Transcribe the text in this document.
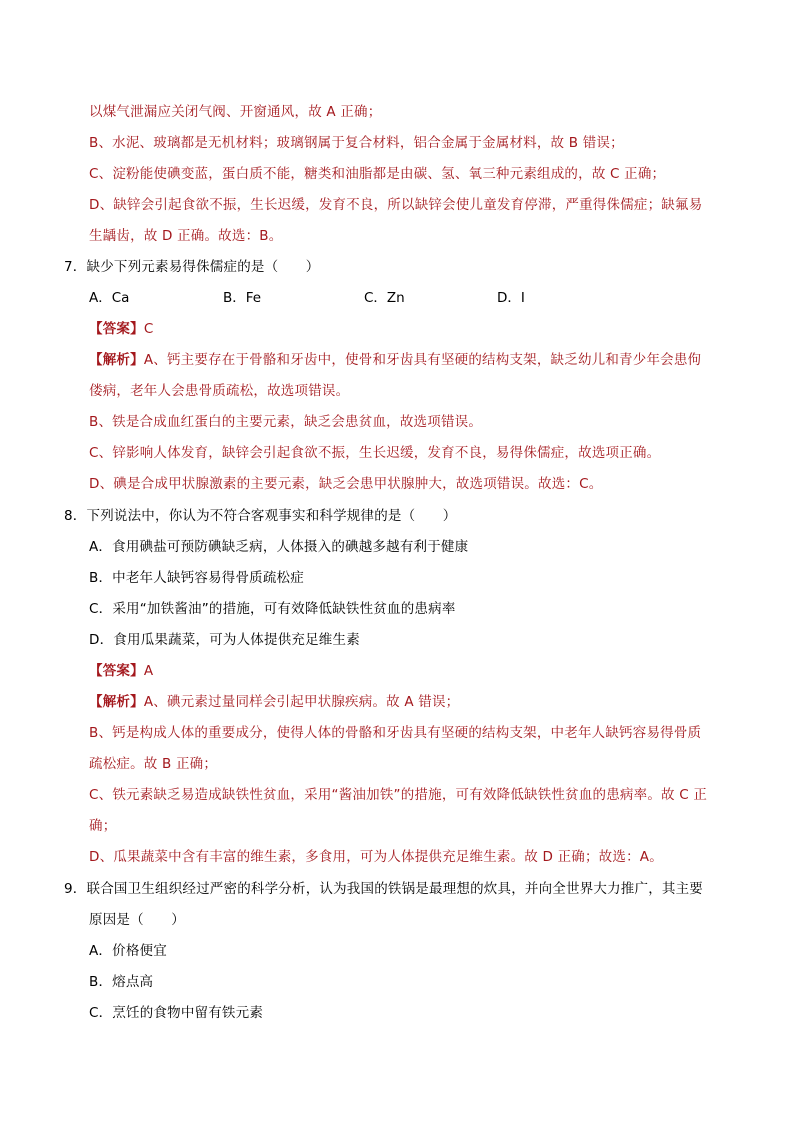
以煤气泄漏应关闭气阀、开窗通风，故 A 正确；
B、水泥、玻璃都是无机材料；玻璃钢属于复合材料，铝合金属于金属材料，故 B 错误；
C、淀粉能使碘变蓝，蛋白质不能，糖类和油脂都是由碳、氢、氧三种元素组成的，故 C 正确；
D、缺锌会引起食欲不振，生长迟缓，发育不良，所以缺锌会使儿童发育停滞，严重得侏儒症；缺氟易
生龋齿，故 D 正确。故选：B。
7．缺少下列元素易得侏儒症的是（　　）
A．Ca	B．Fe	C．Zn	D．I
【答案】C
【解析】A、钙主要存在于骨骼和牙齿中，使骨和牙齿具有坚硬的结构支架，缺乏幼儿和青少年会患佝
偻病，老年人会患骨质疏松，故选项错误。
B、铁是合成血红蛋白的主要元素，缺乏会患贫血，故选项错误。
C、锌影响人体发育，缺锌会引起食欲不振，生长迟缓，发育不良，易得侏儒症，故选项正确。
D、碘是合成甲状腺激素的主要元素，缺乏会患甲状腺肿大，故选项错误。故选：C。
8．下列说法中，你认为不符合客观事实和科学规律的是（　　）
A．食用碘盐可预防碘缺乏病，人体摄入的碘越多越有利于健康
B．中老年人缺钙容易得骨质疏松症
C．采用“加铁酱油”的措施，可有效降低缺铁性贫血的患病率
D．食用瓜果蔬菜，可为人体提供充足维生素
【答案】A
【解析】A、碘元素过量同样会引起甲状腺疾病。故 A 错误；
B、钙是构成人体的重要成分，使得人体的骨骼和牙齿具有坚硬的结构支架，中老年人缺钙容易得骨质
疏松症。故 B 正确；
C、铁元素缺乏易造成缺铁性贫血，采用“酱油加铁”的措施，可有效降低缺铁性贫血的患病率。故 C 正
确；
D、瓜果蔬菜中含有丰富的维生素，多食用，可为人体提供充足维生素。故 D 正确；故选：A。
9．联合国卫生组织经过严密的科学分析，认为我国的铁锅是最理想的炊具，并向全世界大力推广，其主要
原因是（　　）
A．价格便宜
B．熔点高
C．烹饪的食物中留有铁元素
